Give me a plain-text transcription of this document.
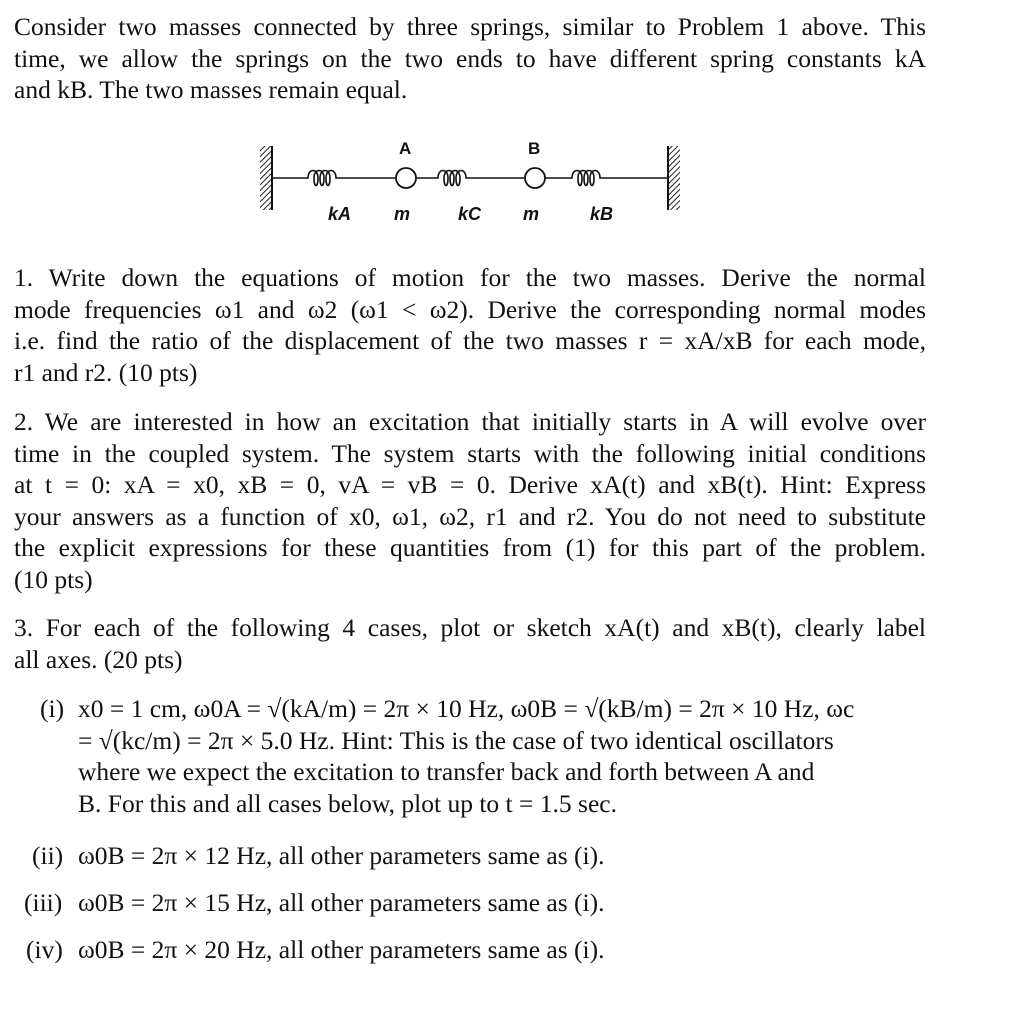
Consider two masses connected by three springs, similar to Problem 1 above. This
time, we allow the springs on the two ends to have different spring constants kA
and kB. The two masses remain equal.
A	B
kA m	kC m	kB
1. Write down the equations of motion for the two masses. Derive the normal
mode frequencies ω1 and ω2 (ω1 < ω2). Derive the corresponding normal modes
i.e. find the ratio of the displacement of the two masses r = xA/xB for each mode,
r1 and r2. (10 pts)
2. We are interested in how an excitation that initially starts in A will evolve over
time in the coupled system. The system starts with the following initial conditions
at t = 0: xA = x0, xB = 0, vA = vB = 0. Derive xA(t) and xB(t). Hint: Express
your answers as a function of x0, ω1, ω2, r1 and r2. You do not need to substitute
the explicit expressions for these quantities from (1) for this part of the problem.
(10 pts)
3. For each of the following 4 cases, plot or sketch xA(t) and xB(t), clearly label
all axes. (20 pts)
(i) x0 = 1 cm, ω0A = √(kA/m) = 2π × 10 Hz, ω0B = √(kB/m) = 2π × 10 Hz, ωc
= √(kc/m) = 2π × 5.0 Hz. Hint: This is the case of two identical oscillators
where we expect the excitation to transfer back and forth between A and
B. For this and all cases below, plot up to t = 1.5 sec.
(ii) ω0B = 2π × 12 Hz, all other parameters same as (i).
(iii) ω0B = 2π × 15 Hz, all other parameters same as (i).
(iv) ω0B = 2π × 20 Hz, all other parameters same as (i).
